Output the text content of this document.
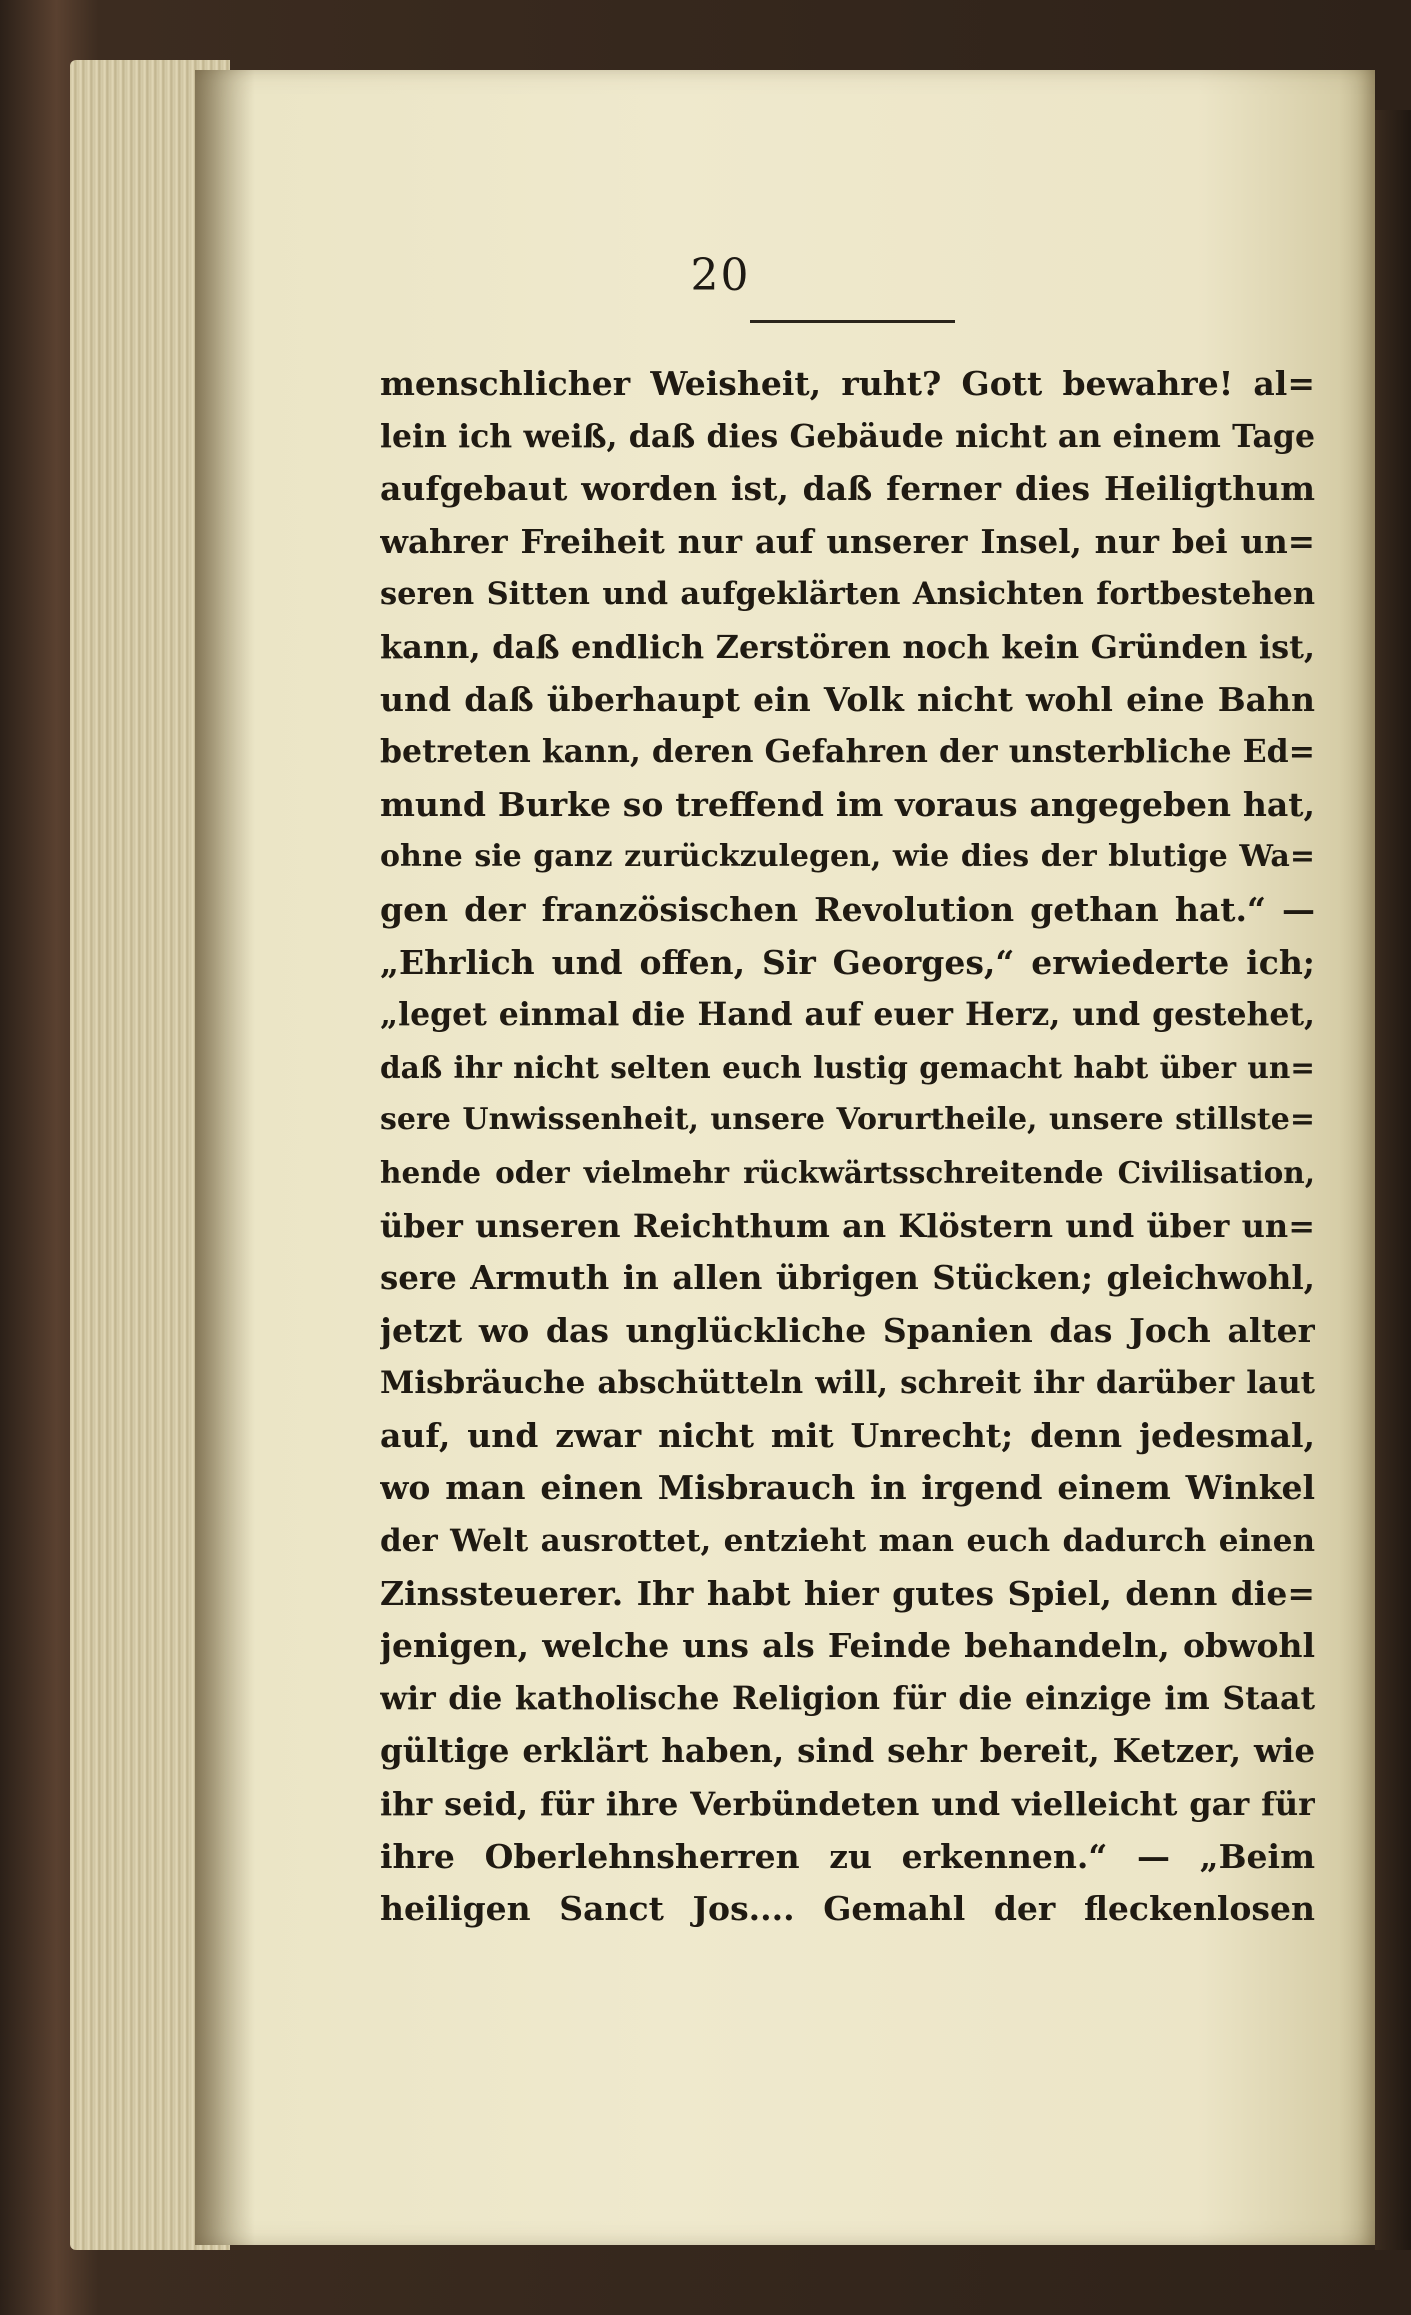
20
menschlicher Weisheit, ruht? Gott bewahre! al=
lein ich weiß, daß dies Gebäude nicht an einem Tage
aufgebaut worden ist, daß ferner dies Heiligthum
wahrer Freiheit nur auf unserer Insel, nur bei un=
seren Sitten und aufgeklärten Ansichten fortbestehen
kann, daß endlich Zerstören noch kein Gründen ist,
und daß überhaupt ein Volk nicht wohl eine Bahn
betreten kann, deren Gefahren der unsterbliche Ed=
mund Burke so treffend im voraus angegeben hat,
ohne sie ganz zurückzulegen, wie dies der blutige Wa=
gen der französischen Revolution gethan hat.“ —
„Ehrlich und offen, Sir Georges,“ erwiederte ich;
„leget einmal die Hand auf euer Herz, und gestehet,
daß ihr nicht selten euch lustig gemacht habt über un=
sere Unwissenheit, unsere Vorurtheile, unsere stillste=
hende oder vielmehr rückwärtsschreitende Civilisation,
über unseren Reichthum an Klöstern und über un=
sere Armuth in allen übrigen Stücken; gleichwohl,
jetzt wo das unglückliche Spanien das Joch alter
Misbräuche abschütteln will, schreit ihr darüber laut
auf, und zwar nicht mit Unrecht; denn jedesmal,
wo man einen Misbrauch in irgend einem Winkel
der Welt ausrottet, entzieht man euch dadurch einen
Zinssteuerer. Ihr habt hier gutes Spiel, denn die=
jenigen, welche uns als Feinde behandeln, obwohl
wir die katholische Religion für die einzige im Staat
gültige erklärt haben, sind sehr bereit, Ketzer, wie
ihr seid, für ihre Verbündeten und vielleicht gar für
ihre Oberlehnsherren zu erkennen.“ — „Beim
heiligen Sanct Jos.... Gemahl der fleckenlosen
